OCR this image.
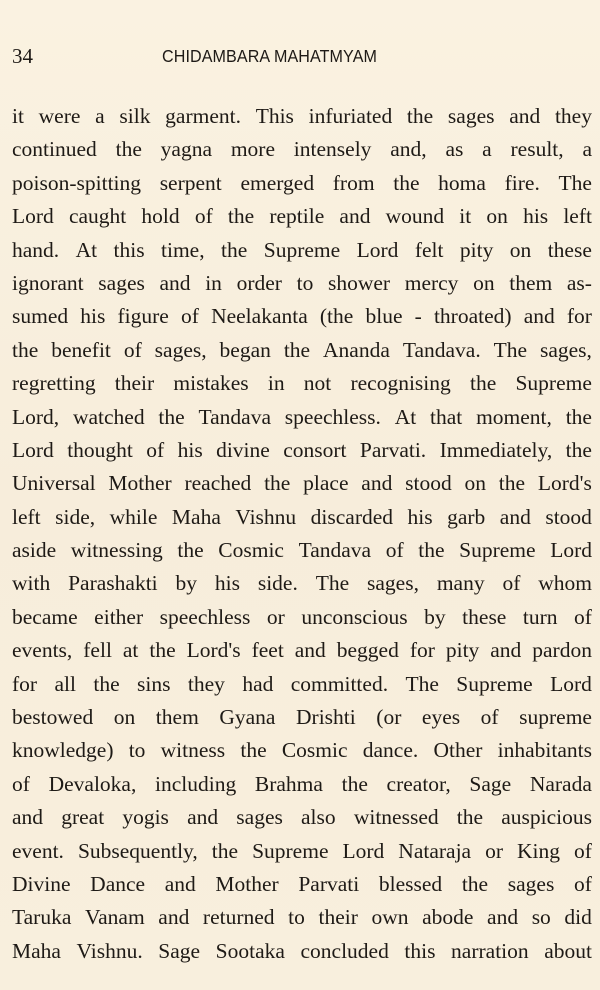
34	CHIDAMBARA MAHATMYAM
it were a silk garment. This infuriated the sages and they
continued the yagna more intensely and, as a result, a
poison-spitting serpent emerged from the homa fire. The
Lord caught hold of the reptile and wound it on his left
hand. At this time, the Supreme Lord felt pity on these
ignorant sages and in order to shower mercy on them as-
sumed his figure of Neelakanta (the blue - throated) and for
the benefit of sages, began the Ananda Tandava. The sages,
regretting their mistakes in not recognising the Supreme
Lord, watched the Tandava speechless. At that moment, the
Lord thought of his divine consort Parvati. Immediately, the
Universal Mother reached the place and stood on the Lord's
left side, while Maha Vishnu discarded his garb and stood
aside witnessing the Cosmic Tandava of the Supreme Lord
with Parashakti by his side. The sages, many of whom
became either speechless or unconscious by these turn of
events, fell at the Lord's feet and begged for pity and pardon
for all the sins they had committed. The Supreme Lord
bestowed on them Gyana Drishti (or eyes of supreme
knowledge) to witness the Cosmic dance. Other inhabitants
of Devaloka, including Brahma the creator, Sage Narada
and great yogis and sages also witnessed the auspicious
event. Subsequently, the Supreme Lord Nataraja or King of
Divine Dance and Mother Parvati blessed the sages of
Taruka Vanam and returned to their own abode and so did
Maha Vishnu. Sage Sootaka concluded this narration about
